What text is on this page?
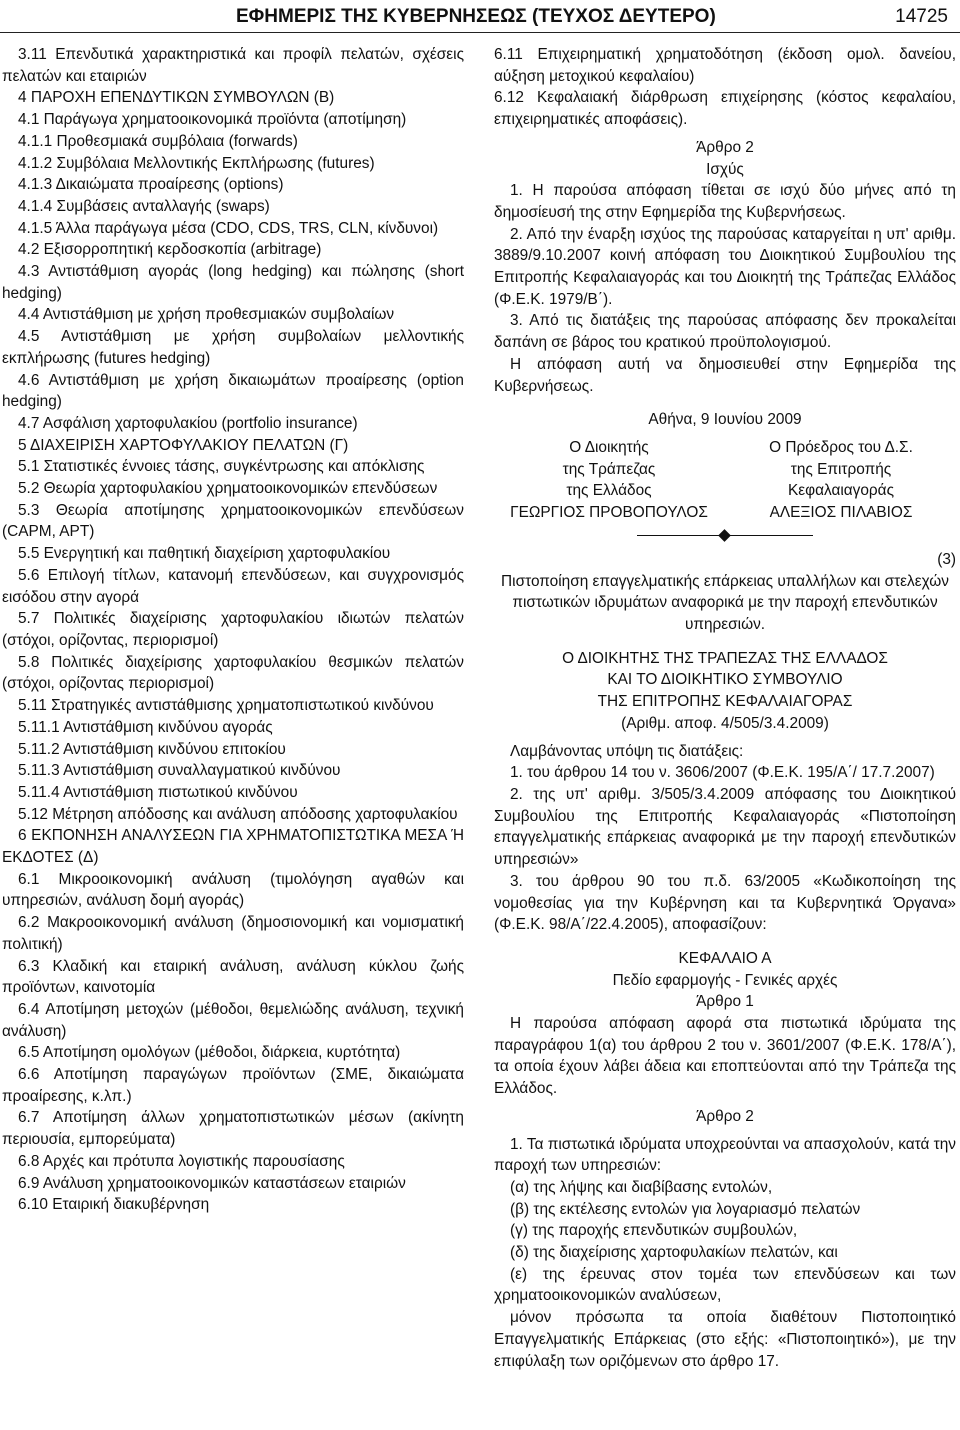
ΕΦΗΜΕΡΙΣ ΤΗΣ ΚΥΒΕΡΝΗΣΕΩΣ (ΤΕΥΧΟΣ ΔΕΥΤΕΡΟ)	14725

3.11 Επενδυτικά χαρακτηριστικά και προφίλ πελατών, σχέσεις πελατών και εταιριών

4 ΠΑΡΟΧΗ ΕΠΕΝΔΥΤΙΚΩΝ ΣΥΜΒΟΥΛΩΝ (Β)

4.1 Παράγωγα χρηματοοικονομικά προϊόντα (αποτίμηση)

4.1.1 Προθεσμιακά συμβόλαια (forwards)

4.1.2 Συμβόλαια Μελλοντικής Εκπλήρωσης (futures)

4.1.3 Δικαιώματα προαίρεσης (options)

4.1.4 Συμβάσεις ανταλλαγής (swaps)

4.1.5 Άλλα παράγωγα μέσα (CDO, CDS, TRS, CLN, κίνδυνοι)

4.2 Εξισορροπητική κερδοσκοπία (arbitrage)

4.3 Αντιστάθμιση αγοράς (long hedging) και πώλησης (short hedging)

4.4 Αντιστάθμιση με χρήση προθεσμιακών συμβολαίων

4.5 Αντιστάθμιση με χρήση συμβολαίων μελλοντικής εκπλήρωσης (futures hedging)

4.6 Αντιστάθμιση με χρήση δικαιωμάτων προαίρεσης (option hedging)

4.7 Ασφάλιση χαρτοφυλακίου (portfolio insurance)

5 ΔΙΑΧΕΙΡΙΣΗ ΧΑΡΤΟΦΥΛΑΚΙΟΥ ΠΕΛΑΤΩΝ (Γ)

5.1 Στατιστικές έννοιες τάσης, συγκέντρωσης και απόκλισης

5.2 Θεωρία χαρτοφυλακίου χρηματοοικονομικών επενδύσεων

5.3 Θεωρία αποτίμησης χρηματοοικονομικών επενδύσεων (CAPM, APT)

5.5 Ενεργητική και παθητική διαχείριση χαρτοφυλακίου

5.6 Επιλογή τίτλων, κατανομή επενδύσεων, και συγχρονισμός εισόδου στην αγορά

5.7 Πολιτικές διαχείρισης χαρτοφυλακίου ιδιωτών πελατών (στόχοι, ορίζοντας, περιορισμοί)

5.8 Πολιτικές διαχείρισης χαρτοφυλακίου θεσμικών πελατών (στόχοι, ορίζοντας περιορισμοί)

5.11 Στρατηγικές αντιστάθμισης χρηματοπιστωτικού κινδύνου

5.11.1 Αντιστάθμιση κινδύνου αγοράς

5.11.2 Αντιστάθμιση κινδύνου επιτοκίου

5.11.3 Αντιστάθμιση συναλλαγματικού κινδύνου

5.11.4 Αντιστάθμιση πιστωτικού κινδύνου

5.12 Μέτρηση απόδοσης και ανάλυση απόδοσης χαρτοφυλακίου

6 ΕΚΠΟΝΗΣΗ ΑΝΑΛΥΣΕΩΝ ΓΙΑ ΧΡΗΜΑΤΟΠΙΣΤΩΤΙΚΑ ΜΕΣΑ Ή ΕΚΔΟΤΕΣ (Δ)

6.1 Μικροοικονομική ανάλυση (τιμολόγηση αγαθών και υπηρεσιών, ανάλυση δομή αγοράς)

6.2 Μακροοικονομική ανάλυση (δημοσιονομική και νομισματική πολιτική)

6.3 Κλαδική και εταιρική ανάλυση, ανάλυση κύκλου ζωής προϊόντων, καινοτομία

6.4 Αποτίμηση μετοχών (μέθοδοι, θεμελιώδης ανάλυση, τεχνική ανάλυση)

6.5 Αποτίμηση ομολόγων (μέθοδοι, διάρκεια, κυρτότητα)

6.6 Αποτίμηση παραγώγων προϊόντων (ΣΜΕ, δικαιώματα προαίρεσης, κ.λπ.)

6.7 Αποτίμηση άλλων χρηματοπιστωτικών μέσων (ακίνητη περιουσία, εμπορεύματα)

6.8 Αρχές και πρότυπα λογιστικής παρουσίασης

6.9 Ανάλυση χρηματοοικονομικών καταστάσεων εταιριών

6.10 Εταιρική διακυβέρνηση

6.11 Επιχειρηματική χρηματοδότηση (έκδοση ομολ. δανείου, αύξηση μετοχικού κεφαλαίου)

6.12 Κεφαλαιακή διάρθρωση επιχείρησης (κόστος κεφαλαίου, επιχειρηματικές αποφάσεις).

Άρθρο 2

Ισχύς

1. Η παρούσα απόφαση τίθεται σε ισχύ δύο μήνες από τη δημοσίευσή της στην Εφημερίδα της Κυβερνήσεως.

2. Από την έναρξη ισχύος της παρούσας καταργείται η υπ' αριθμ. 3889/9.10.2007 κοινή απόφαση του Διοικητικού Συμβουλίου της Επιτροπής Κεφαλαιαγοράς και του Διοικητή της Τράπεζας Ελλάδος (Φ.Ε.Κ. 1979/Β΄).

3. Από τις διατάξεις της παρούσας απόφασης δεν προκαλείται δαπάνη σε βάρος του κρατικού προϋπολογισμού.

Η απόφαση αυτή να δημοσιευθεί στην Εφημερίδα της Κυβερνήσεως.

Αθήνα, 9 Ιουνίου 2009

Ο Διοικητής
της Τράπεζας
της Ελλάδος
ΓΕΩΡΓΙΟΣ ΠΡΟΒΟΠΟΥΛΟΣ
Ο Πρόεδρος του Δ.Σ.
της Επιτροπής
Κεφαλαιαγοράς
ΑΛΕΞΙΟΣ ΠΙΛΑΒΙΟΣ

(3)

Πιστοποίηση επαγγελματικής επάρκειας υπαλλήλων και στελεχών πιστωτικών ιδρυμάτων αναφορικά με την παροχή επενδυτικών υπηρεσιών.

Ο ΔΙΟΙΚΗΤΗΣ ΤΗΣ ΤΡΑΠΕΖΑΣ ΤΗΣ ΕΛΛΑΔΟΣ

ΚΑΙ ΤΟ ΔΙΟΙΚΗΤΙΚΟ ΣΥΜΒΟΥΛΙΟ

ΤΗΣ ΕΠΙΤΡΟΠΗΣ ΚΕΦΑΛΑΙΑΓΟΡΑΣ

(Αριθμ. αποφ. 4/505/3.4.2009)

Λαμβάνοντας υπόψη τις διατάξεις:

1. του άρθρου 14 του ν. 3606/2007 (Φ.Ε.Κ. 195/Α΄/ 17.7.2007)

2. της υπ' αριθμ. 3/505/3.4.2009 απόφασης του Διοικητικού Συμβουλίου της Επιτροπής Κεφαλαιαγοράς «Πιστοποίηση επαγγελματικής επάρκειας αναφορικά με την παροχή επενδυτικών υπηρεσιών»

3. του άρθρου 90 του π.δ. 63/2005 «Κωδικοποίηση της νομοθεσίας για την Κυβέρνηση και τα Κυβερνητικά Όργανα» (Φ.Ε.Κ. 98/Α΄/22.4.2005), αποφασίζουν:

ΚΕΦΑΛΑΙΟ Α

Πεδίο εφαρμογής - Γενικές αρχές

Άρθρο 1

Η παρούσα απόφαση αφορά στα πιστωτικά ιδρύματα της παραγράφου 1(α) του άρθρου 2 του ν. 3601/2007 (Φ.Ε.Κ. 178/Α΄), τα οποία έχουν λάβει άδεια και εποπτεύονται από την Τράπεζα της Ελλάδος.

Άρθρο 2

1. Τα πιστωτικά ιδρύματα υποχρεούνται να απασχολούν, κατά την παροχή των υπηρεσιών:

(α) της λήψης και διαβίβασης εντολών,

(β) της εκτέλεσης εντολών για λογαριασμό πελατών

(γ) της παροχής επενδυτικών συμβουλών,

(δ) της διαχείρισης χαρτοφυλακίων πελατών, και

(ε) της έρευνας στον τομέα των επενδύσεων και των χρηματοοικονομικών αναλύσεων,

μόνον πρόσωπα τα οποία διαθέτουν Πιστοποιητικό Επαγγελματικής Επάρκειας (στο εξής: «Πιστοποιητικό»), με την επιφύλαξη των οριζόμενων στο άρθρο 17.
